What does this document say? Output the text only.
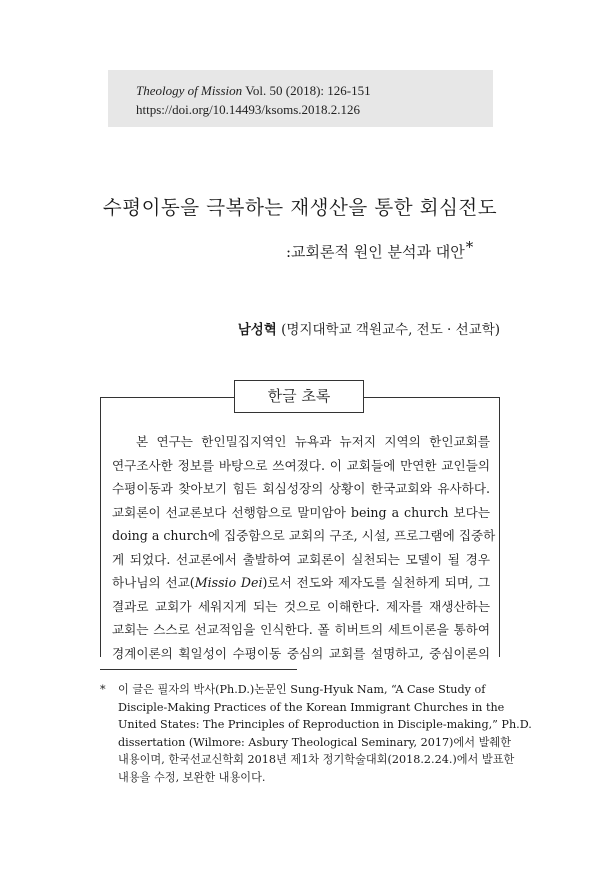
Theology of Mission Vol. 50 (2018): 126-151
https://doi.org/10.14493/ksoms.2018.2.126
수평이동을 극복하는 재생산을 통한 회심전도
:교회론적 원인 분석과 대안*
남성혁 (명지대학교 객원교수, 전도 · 선교학)
한글 초록
본 연구는 한인밀집지역인 뉴욕과 뉴저지 지역의 한인교회를
연구조사한 정보를 바탕으로 쓰여졌다. 이 교회들에 만연한 교인들의
수평이동과 찾아보기 힘든 회심성장의 상황이 한국교회와 유사하다.
교회론이 선교론보다 선행함으로 말미암아 being a church 보다는
doing a church에 집중함으로 교회의 구조, 시설, 프로그램에 집중하
게 되었다. 선교론에서 출발하여 교회론이 실천되는 모델이 될 경우
하나님의 선교(Missio Dei)로서 전도와 제자도를 실천하게 되며, 그
결과로 교회가 세워지게 되는 것으로 이해한다. 제자를 재생산하는
교회는 스스로 선교적임을 인식한다. 폴 히버트의 세트이론을 통하여
경계이론의 획일성이 수평이동 중심의 교회를 설명하고, 중심이론의
*	이 글은 필자의 박사(Ph.D.)논문인 Sung-Hyuk Nam, “A Case Study of
Disciple-Making Practices of the Korean Immigrant Churches in the
United States: The Principles of Reproduction in Disciple-making,” Ph.D.
dissertation (Wilmore: Asbury Theological Seminary, 2017)에서 발췌한
내용이며, 한국선교신학회 2018년 제1차 정기학술대회(2018.2.24.)에서 발표한
내용을 수정, 보완한 내용이다.
